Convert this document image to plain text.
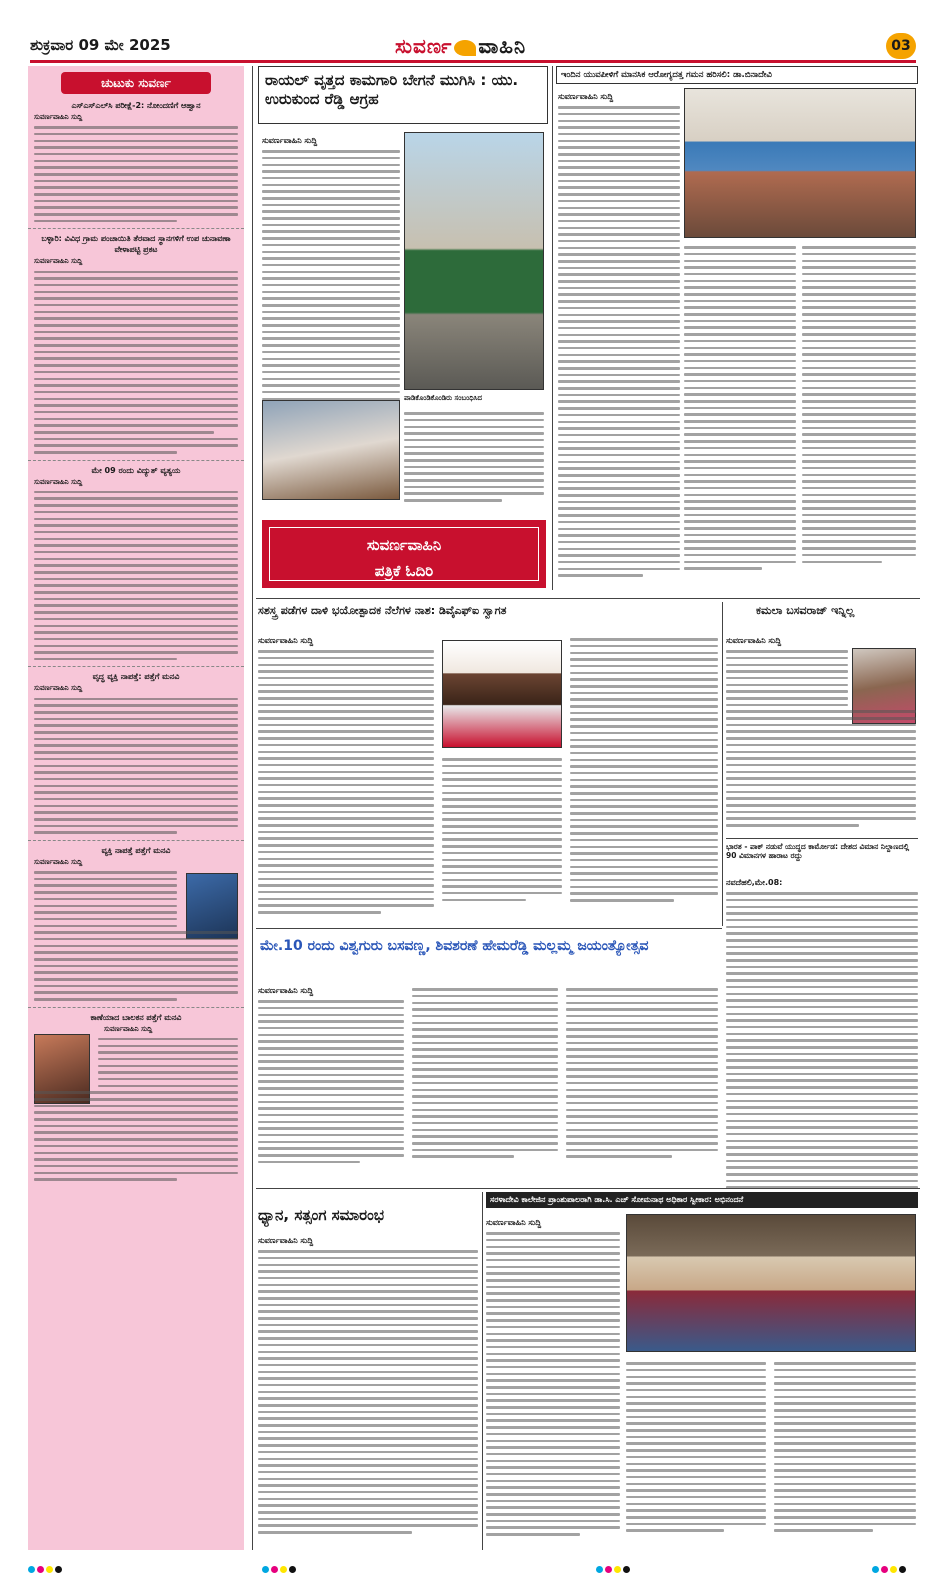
ಶುಕ್ರವಾರ 09 ಮೇ 2025	ಸುವರ್ಣ ವಾಹಿನಿ	03
ಚುಟುಕು ಸುವರ್ಣ
ಎಸ್‌ಎಸ್‌ಎಲ್‌ಸಿ ಪರೀಕ್ಷೆ-2: ನೋಂದಣಿಗೆ ಆಹ್ವಾನ
ಸುವರ್ಣವಾಹಿನಿ ಸುದ್ದಿ
ಬಳ್ಳಾರಿ: ವಿವಿಧ ಗ್ರಾಮ ಪಂಚಾಯಿತಿ ತೆರವಾದ ಸ್ಥಾನಗಳಿಗೆ ಉಪ ಚುನಾವಣಾ ವೇಳಾಪಟ್ಟಿ ಪ್ರಕಟ
ಸುವರ್ಣವಾಹಿನಿ ಸುದ್ದಿ
ಮೇ 09 ರಂದು ವಿದ್ಯುತ್ ವ್ಯತ್ಯಯ
ಸುವರ್ಣವಾಹಿನಿ ಸುದ್ದಿ
ವೃದ್ಧ ವ್ಯಕ್ತಿ ನಾಪತ್ತೆ: ಪತ್ತೆಗೆ ಮನವಿ
ಸುವರ್ಣವಾಹಿನಿ ಸುದ್ದಿ
ವ್ಯಕ್ತಿ ನಾಪತ್ತೆ ಪತ್ತೆಗೆ ಮನವಿ
ಸುವರ್ಣವಾಹಿನಿ ಸುದ್ದಿ
ಕಾಣೆಯಾದ ಬಾಲಕನ ಪತ್ತೆಗೆ ಮನವಿ
ಸುವರ್ಣವಾಹಿನಿ ಸುದ್ದಿ
ರಾಯಲ್ ವೃತ್ತದ ಕಾಮಗಾರಿ ಬೇಗನೆ ಮುಗಿಸಿ : ಯು. ಉರುಕುಂದ ರೆಡ್ಡಿ ಆಗ್ರಹ
ಪಾಡಿಕೊಂಡಿಕೊಂಡಿರು ಸಂಬಂಧಿಸಿದ
ಸುವರ್ಣವಾಹಿನಿ ಸುದ್ದಿ
ಸುವರ್ಣವಾಹಿನಿ
ಪತ್ರಿಕೆ ಓದಿರಿ
ಇಂದಿನ ಯುವಪೀಳಿಗೆ ಮಾನಸಿಕ ಆರೋಗ್ಯದತ್ತ ಗಮನ ಹರಿಸಲಿ: ಡಾ.ಬಿನಾದೇವಿ
ಸುವರ್ಣವಾಹಿನಿ ಸುದ್ದಿ
ಸಶಸ್ತ್ರ ಪಡೆಗಳ ದಾಳಿ ಭಯೋತ್ಪಾದಕ ನೆಲೆಗಳ ನಾಶ: ಡಿವೈಎಫ್‌ಐ ಸ್ವಾಗತ
ಸುವರ್ಣವಾಹಿನಿ ಸುದ್ದಿ
ಕಮಲಾ ಬಸವರಾಜ್ ಇನ್ನಿಲ್ಲ
ಸುವರ್ಣವಾಹಿನಿ ಸುದ್ದಿ
ಭಾರತ - ಪಾಕ್ ನಡುವೆ ಯುದ್ಧದ ಕಾರ್ಮೋಡ: ದೇಶದ ವಿಮಾನ ನಿಲ್ದಾಣದಲ್ಲಿ 90 ವಿಮಾನಗಳ ಹಾರಾಟ ರದ್ದು
ನವದೆಹಲಿ,ಮೇ.08:
ಮೇ.10 ರಂದು ವಿಶ್ವಗುರು ಬಸವಣ್ಣ, ಶಿವಶರಣೆ ಹೇಮರೆಡ್ಡಿ ಮಲ್ಲಮ್ಮ ಜಯಂತ್ಯೋತ್ಸವ
ಸುವರ್ಣವಾಹಿನಿ ಸುದ್ದಿ
ಧ್ಯಾನ, ಸತ್ಸಂಗ ಸಮಾರಂಭ
ಸುವರ್ಣವಾಹಿನಿ ಸುದ್ದಿ
ಸರಳಾದೇವಿ ಕಾಲೇಜಿನ ಪ್ರಾಂಶುಪಾಲರಾಗಿ ಡಾ.ಸಿ. ಎಚ್ ಸೋಮನಾಥ ಅಧಿಕಾರ ಸ್ವೀಕಾರ: ಅಭಿನಂದನೆ
ಸುವರ್ಣವಾಹಿನಿ ಸುದ್ದಿ
